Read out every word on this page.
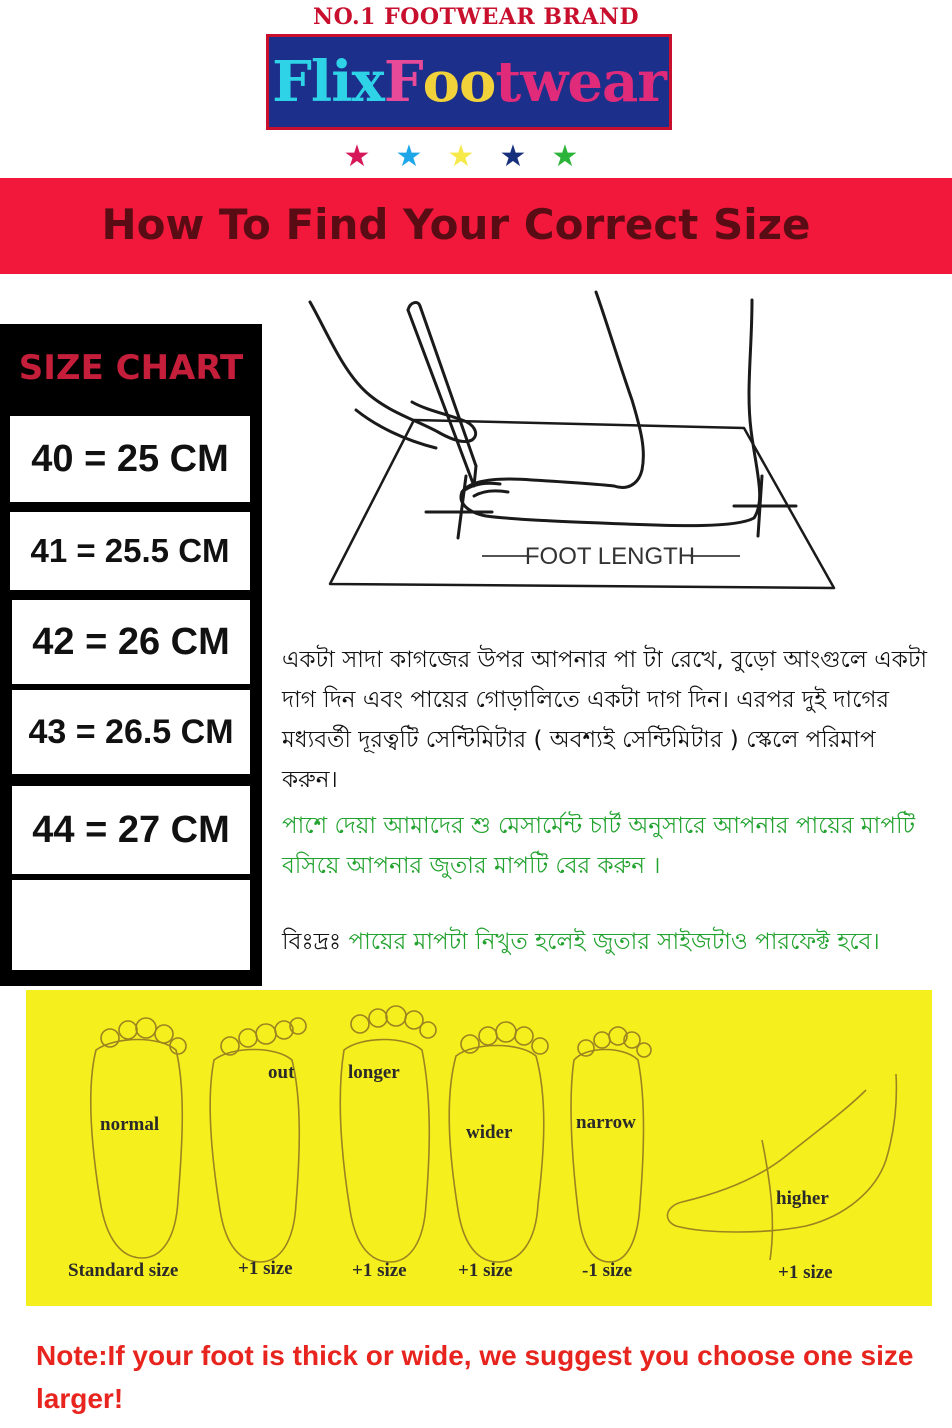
NO.1 FOOTWEAR BRAND
Flix F oo twear
★ ★ ★ ★ ★
How To Find Your Correct Size
SIZE CHART
40 = 25 CM
41 = 25.5 CM
42 = 26 CM
43 = 26.5 CM
44 = 27 CM
FOOT LENGTH
একটা সাদা কাগজের উপর আপনার পা টা রেখে, বুড়ো আংগুলে একটা দাগ দিন এবং পায়ের গোড়ালিতে একটা দাগ দিন। এরপর দুই দাগের মধ্যবর্তী দূরত্বটি সেন্টিমিটার ( অবশ্যই সেন্টিমিটার ) স্কেলে পরিমাপ করুন।
পাশে দেয়া আমাদের শু মেসার্মেন্ট চার্ট অনুসারে আপনার পায়ের মাপটি বসিয়ে আপনার জুতার মাপটি বের করুন ।
বিঃদ্রঃ পায়ের মাপটা নিখুত হলেই জুতার সাইজটাও পারফেক্ট হবে।
normal
out	longer
wider	narrow
higher
Standard size	+1 size	+1 size	+1 size	-1 size	+1 size
Note:If your foot is thick or wide, we suggest you choose one size larger!
